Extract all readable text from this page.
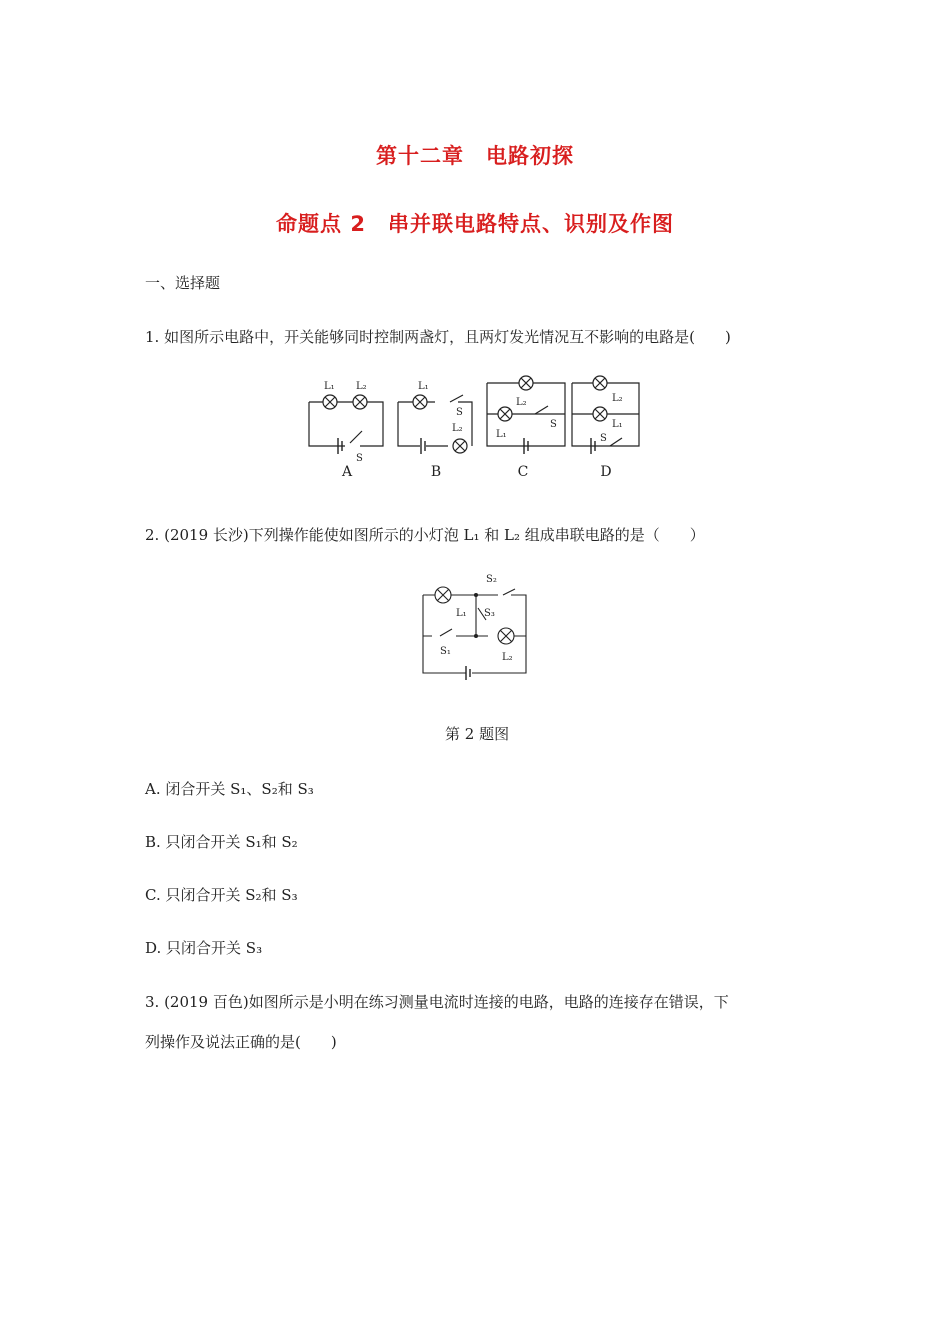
第十二章　电路初探
命题点 2　串并联电路特点、识别及作图
一、选择题
1. 如图所示电路中，开关能够同时控制两盏灯，且两灯发光情况互不影响的电路是(　　)
L₁ L₂
S
L₁
S
L₂
L₂
S
L₁
L₂
L₁
S
A	B	C	D
2. (2019 长沙)下列操作能使如图所示的小灯泡 L₁ 和 L₂ 组成串联电路的是（　　）
S₂
L₁ S₃
S₁
L₂
第 2 题图
A. 闭合开关 S₁、S₂和 S₃
B. 只闭合开关 S₁和 S₂
C. 只闭合开关 S₂和 S₃
D. 只闭合开关 S₃
3. (2019 百色)如图所示是小明在练习测量电流时连接的电路，电路的连接存在错误，下
列操作及说法正确的是(　　)
